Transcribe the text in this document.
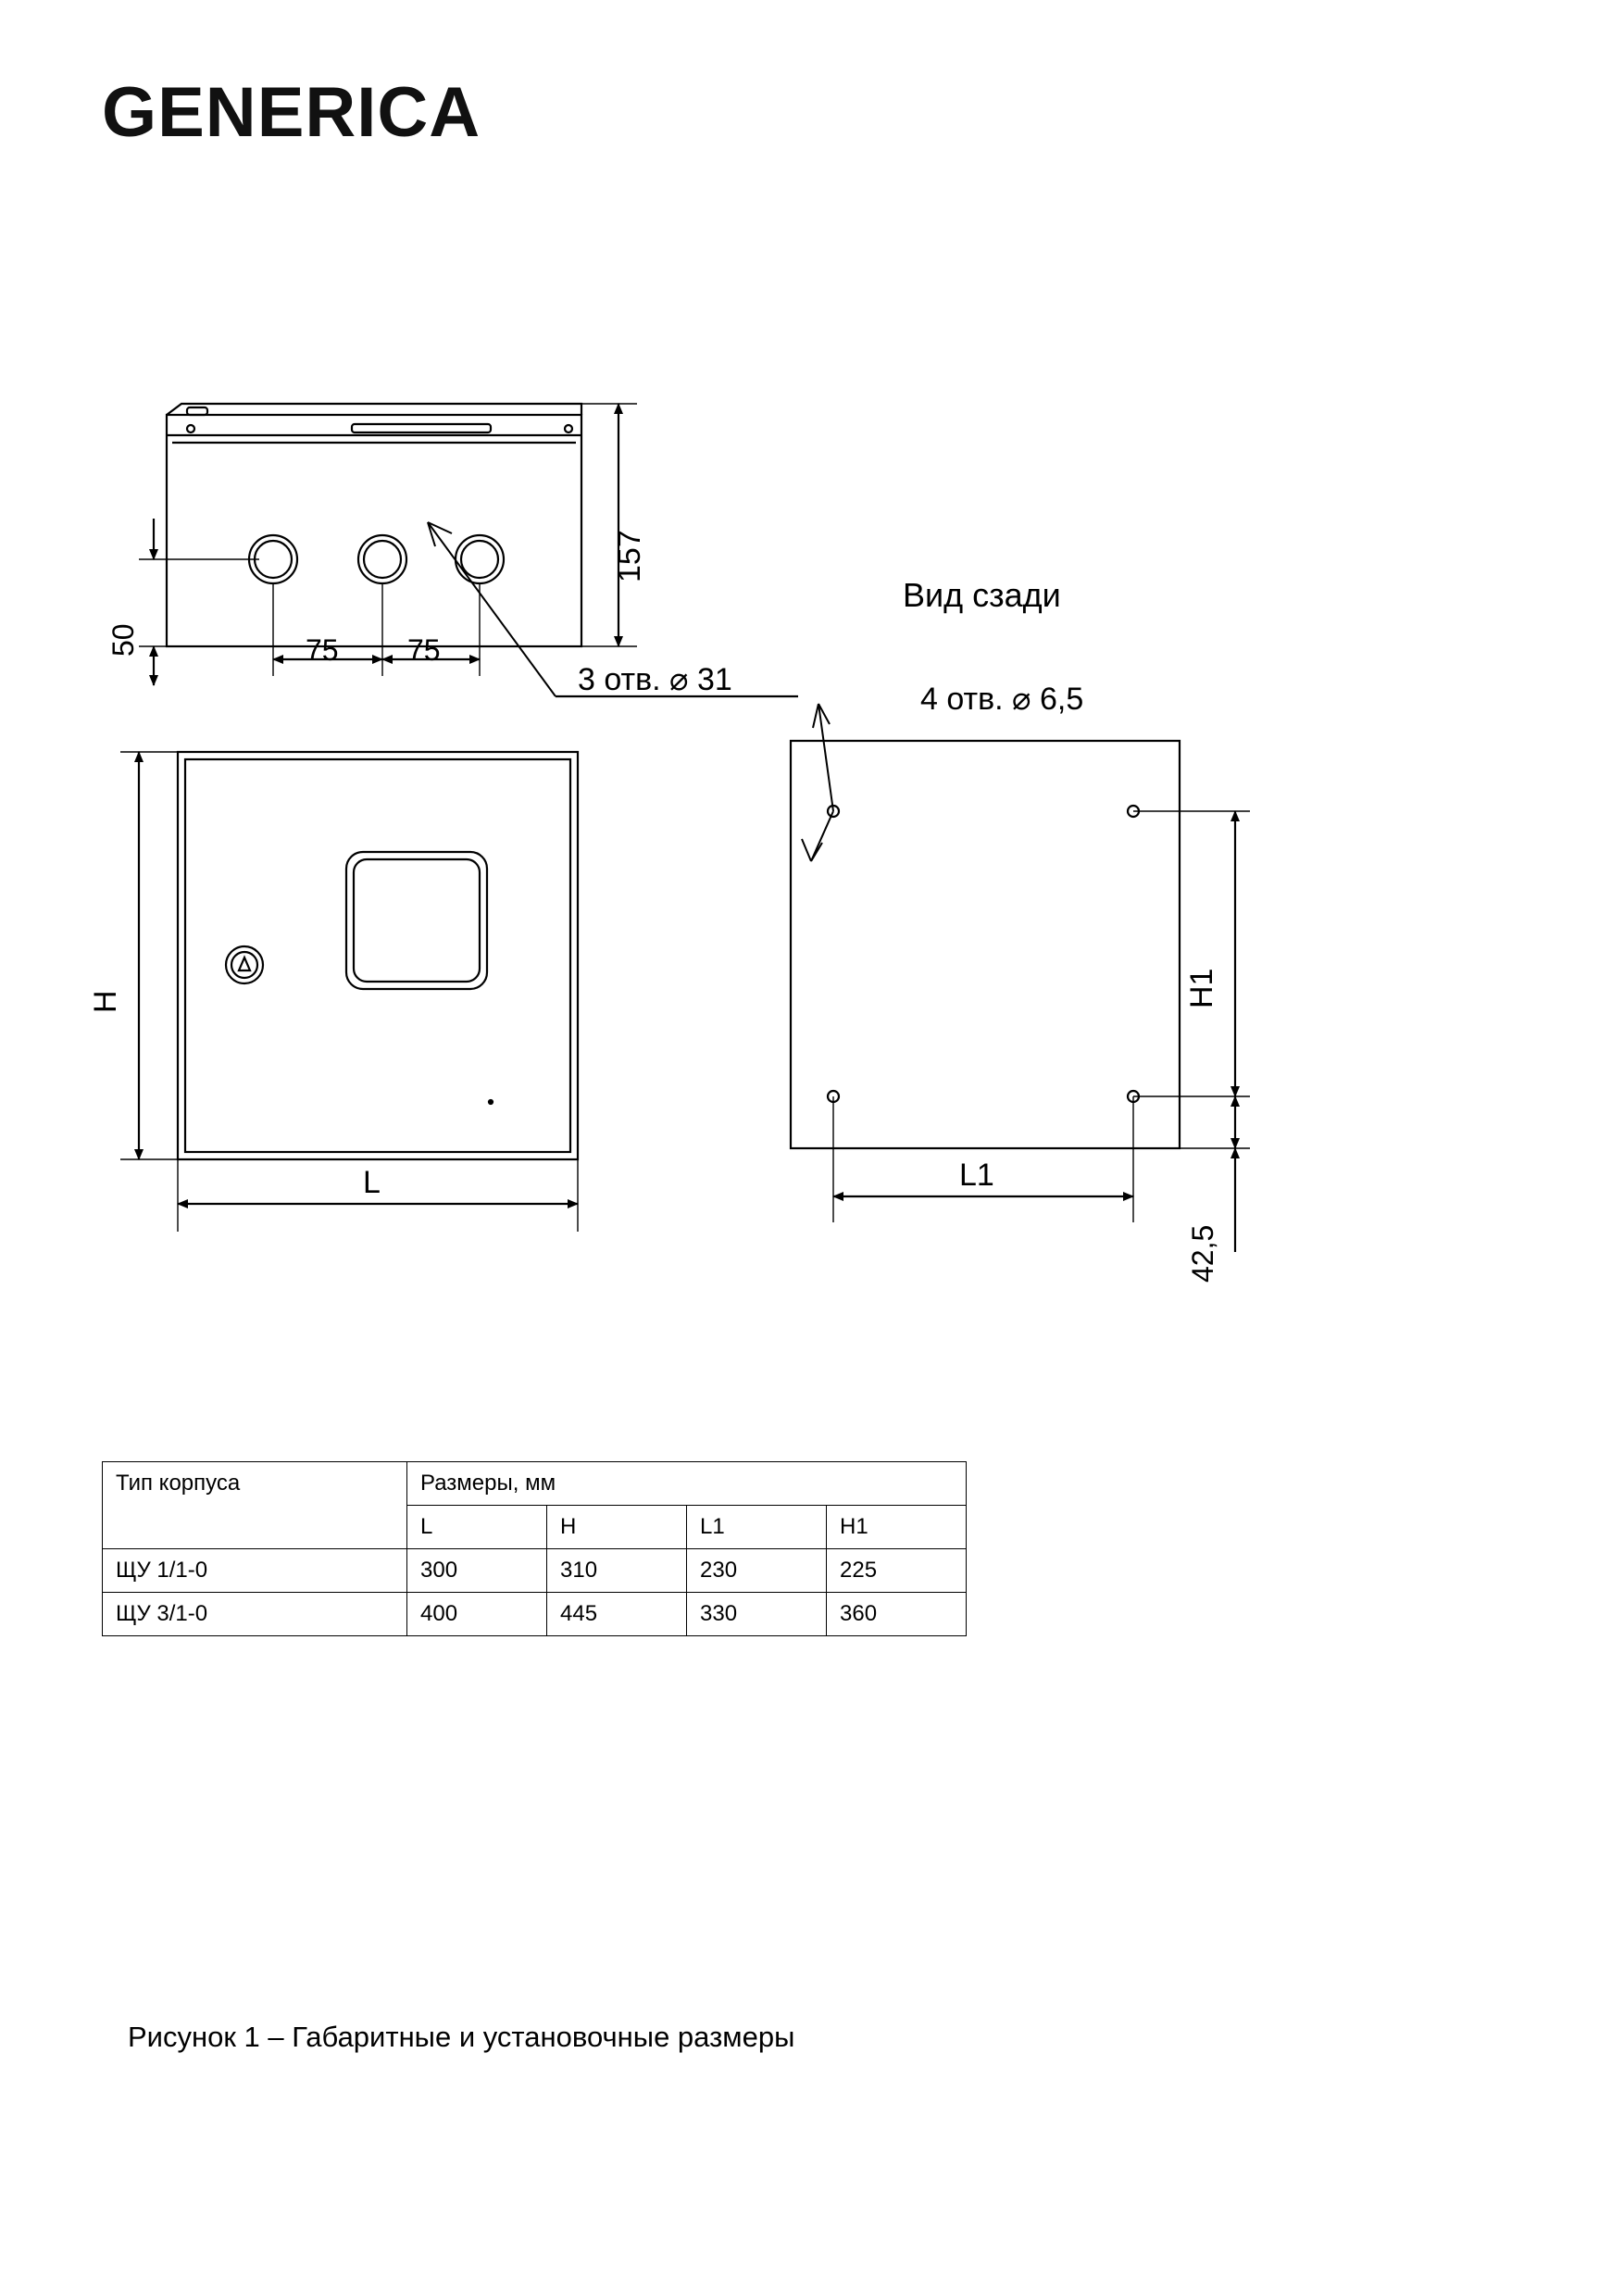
GENERICA
157
50	75 75
3 отв. ⌀ 31
H
L
Вид сзади
4 отв. ⌀ 6,5
H1
L1
42,5
Тип корпуса	Размеры, мм			
	L	H	L1	H1
ЩУ 1/1-0	300	310	230	225
ЩУ 3/1-0	400	445	330	360
Рисунок 1 – Габаритные и установочные размеры
